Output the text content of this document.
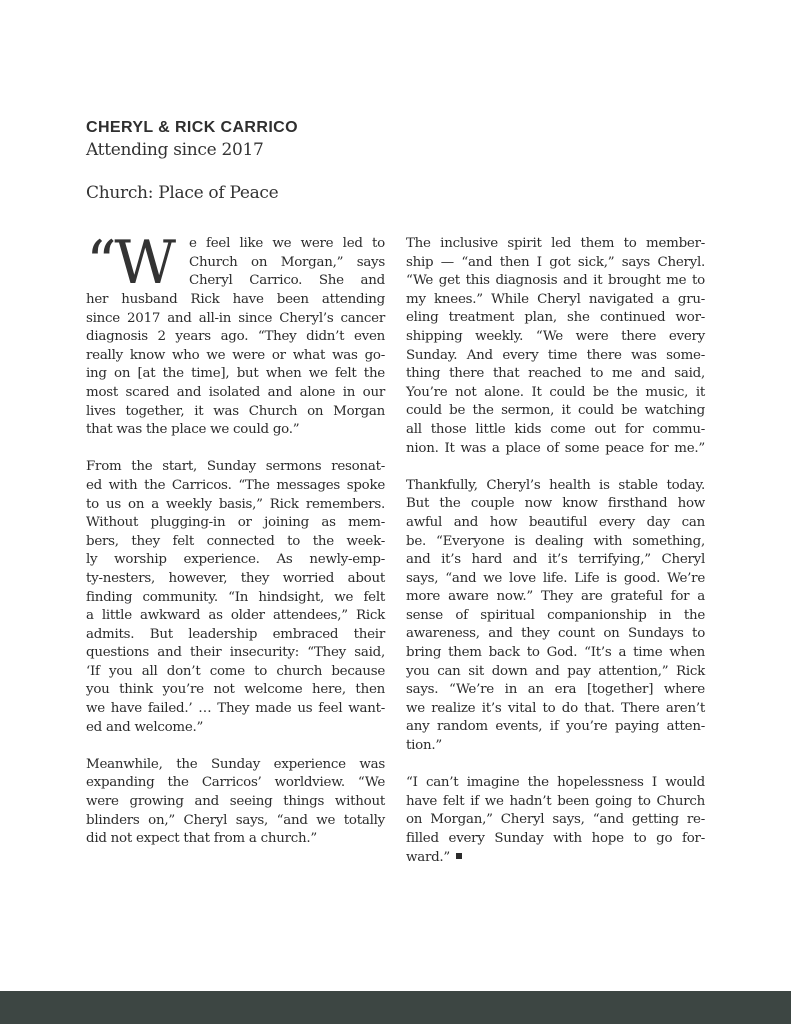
CHERYL & RICK CARRICO
Attending since 2017
Church: Place of Peace
“W e feel like we were led to
Church on Morgan,” says
Cheryl Carrico. She and
her husband Rick have been attending
since 2017 and all-in since Cheryl’s cancer
diagnosis 2 years ago. “They didn’t even
really know who we were or what was go-
ing on [at the time], but when we felt the
most scared and isolated and alone in our
lives together, it was Church on Morgan
that was the place we could go.”
From the start, Sunday sermons resonat-
ed with the Carricos. “The messages spoke
to us on a weekly basis,” Rick remembers.
Without plugging-in or joining as mem-
bers, they felt connected to the week-
ly worship experience. As newly-emp-
ty-nesters, however, they worried about
finding community. “In hindsight, we felt
a little awkward as older attendees,” Rick
admits. But leadership embraced their
questions and their insecurity: “They said,
‘If you all don’t come to church because
you think you’re not welcome here, then
we have failed.’ … They made us feel want-
ed and welcome.”
Meanwhile, the Sunday experience was
expanding the Carricos’ worldview. “We
were growing and seeing things without
blinders on,” Cheryl says, “and we totally
did not expect that from a church.”
The inclusive spirit led them to member-
ship — “and then I got sick,” says Cheryl.
“We get this diagnosis and it brought me to
my knees.” While Cheryl navigated a gru-
eling treatment plan, she continued wor-
shipping weekly. “We were there every
Sunday. And every time there was some-
thing there that reached to me and said,
You’re not alone. It could be the music, it
could be the sermon, it could be watching
all those little kids come out for commu-
nion. It was a place of some peace for me.”
Thankfully, Cheryl’s health is stable today.
But the couple now know firsthand how
awful and how beautiful every day can
be. “Everyone is dealing with something,
and it’s hard and it’s terrifying,” Cheryl
says, “and we love life. Life is good. We’re
more aware now.” They are grateful for a
sense of spiritual companionship in the
awareness, and they count on Sundays to
bring them back to God. “It’s a time when
you can sit down and pay attention,” Rick
says. “We’re in an era [together] where
we realize it’s vital to do that. There aren’t
any random events, if you’re paying atten-
tion.”
“I can’t imagine the hopelessness I would
have felt if we hadn’t been going to Church
on Morgan,” Cheryl says, “and getting re-
filled every Sunday with hope to go for-
ward.”
